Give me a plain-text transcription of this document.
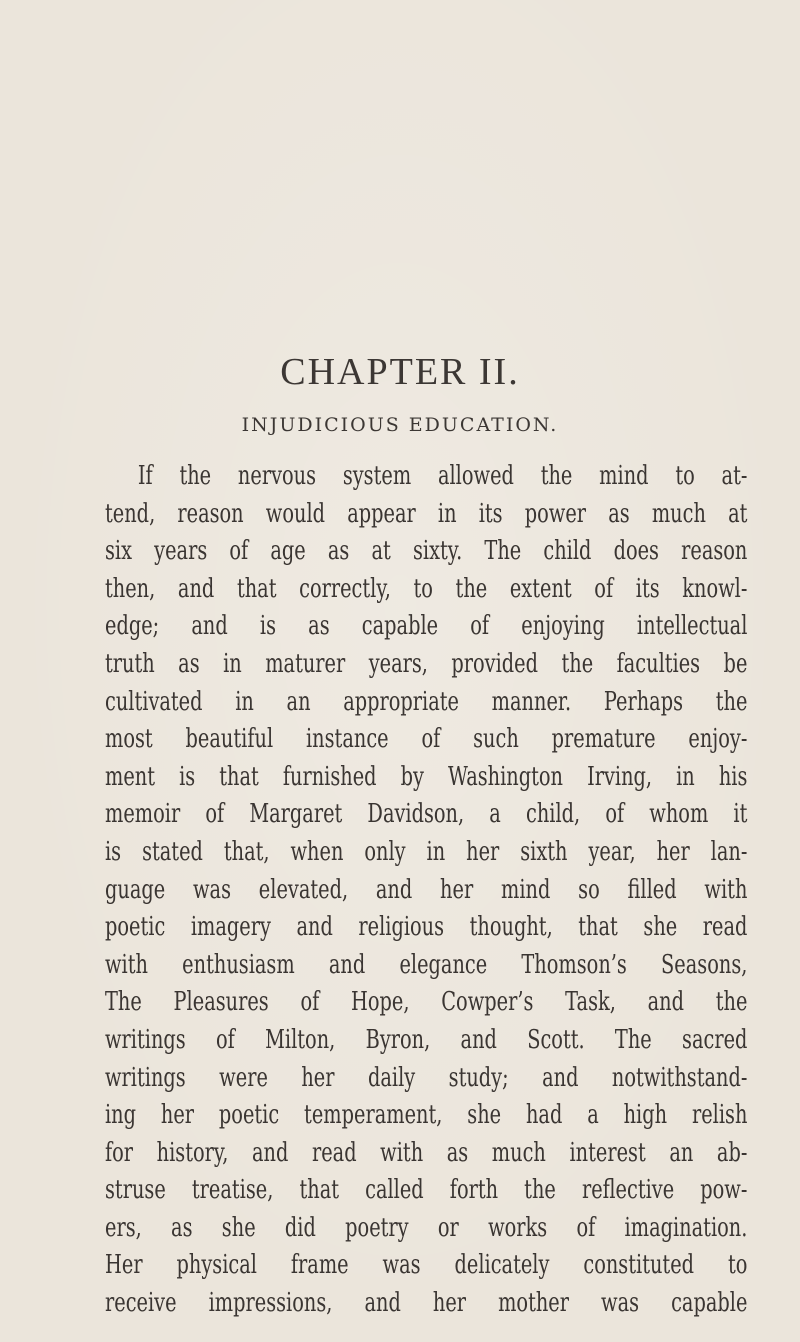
CHAPTER II.
INJUDICIOUS EDUCATION.

If the nervous system allowed the mind to at-
tend, reason would appear in its power as much at
six years of age as at sixty. The child does reason
then, and that correctly, to the extent of its knowl-
edge; and is as capable of enjoying intellectual
truth as in maturer years, provided the faculties be
cultivated in an appropriate manner. Perhaps the
most beautiful instance of such premature enjoy-
ment is that furnished by Washington Irving, in his
memoir of Margaret Davidson, a child, of whom it
is stated that, when only in her sixth year, her lan-
guage was elevated, and her mind so filled with
poetic imagery and religious thought, that she read
with enthusiasm and elegance Thomson’s Seasons,
The Pleasures of Hope, Cowper’s Task, and the
writings of Milton, Byron, and Scott. The sacred
writings were her daily study; and notwithstand-
ing her poetic temperament, she had a high relish
for history, and read with as much interest an ab-
struse treatise, that called forth the reflective pow-
ers, as she did poetry or works of imagination.
Her physical frame was delicately constituted to
receive impressions, and her mother was capable
